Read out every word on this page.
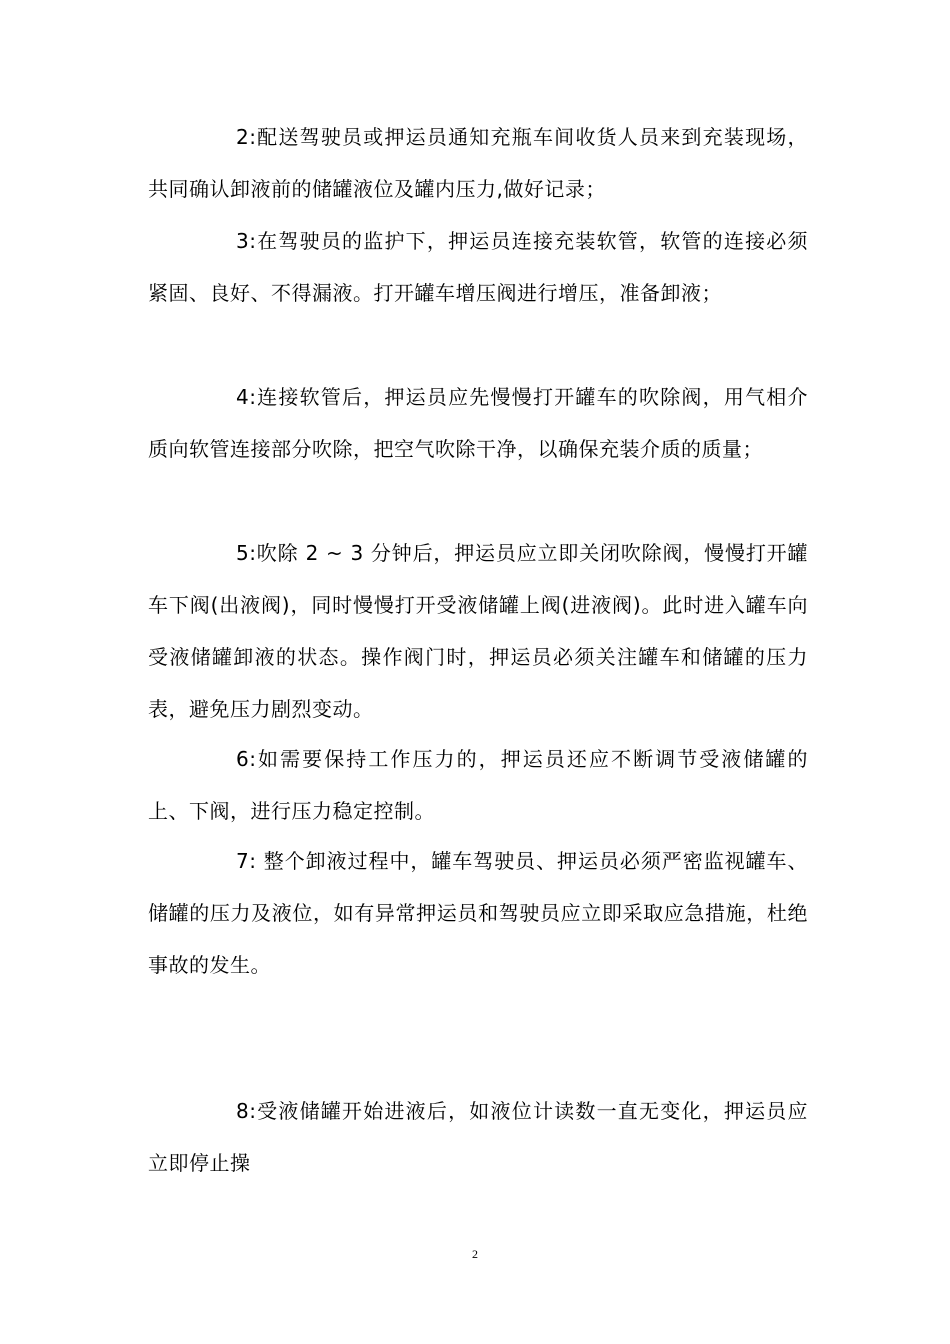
2:配送驾驶员或押运员通知充瓶车间收货人员来到充装现场，共同确认卸液前的储罐液位及罐内压力,做好记录；

3:在驾驶员的监护下，押运员连接充装软管，软管的连接必须紧固、良好、不得漏液。打开罐车增压阀进行增压，准备卸液；

4:连接软管后，押运员应先慢慢打开罐车的吹除阀，用气相介质向软管连接部分吹除，把空气吹除干净，以确保充装介质的质量；

5:吹除 2 ~ 3 分钟后，押运员应立即关闭吹除阀，慢慢打开罐车下阀(出液阀)，同时慢慢打开受液储罐上阀(进液阀)。此时进入罐车向受液储罐卸液的状态。操作阀门时，押运员必须关注罐车和储罐的压力表，避免压力剧烈变动。

6:如需要保持工作压力的，押运员还应不断调节受液储罐的上、下阀，进行压力稳定控制。

7: 整个卸液过程中，罐车驾驶员、押运员必须严密监视罐车、储罐的压力及液位，如有异常押运员和驾驶员应立即采取应急措施，杜绝事故的发生。

8:受液储罐开始进液后，如液位计读数一直无变化，押运员应立即停止操

2
